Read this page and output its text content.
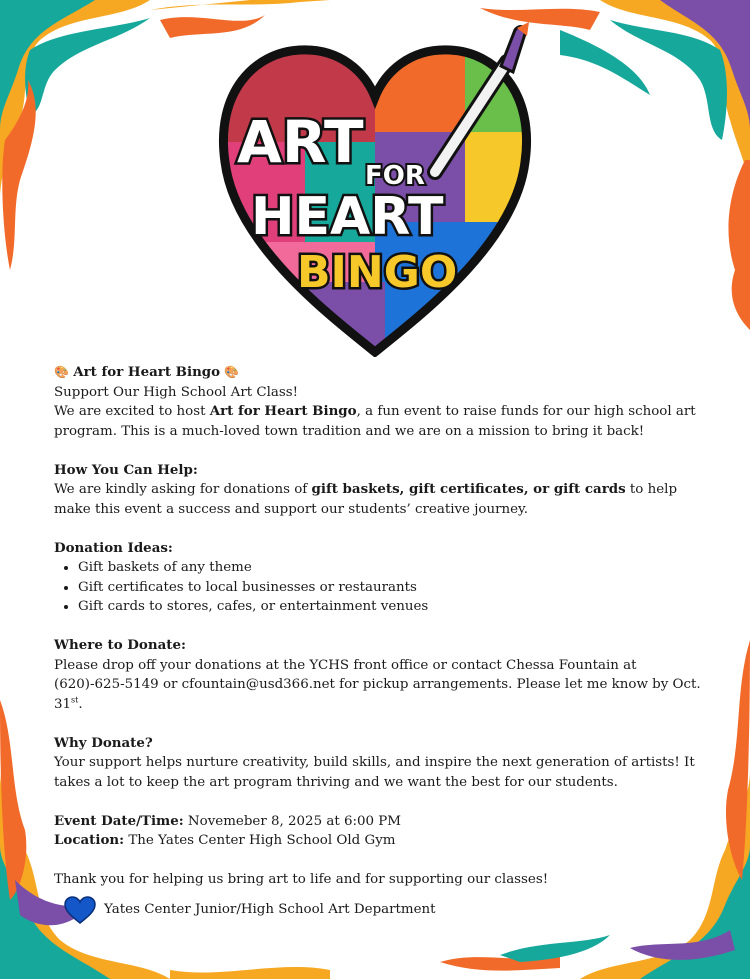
ART FOR
HEART
BINGO

🎨 Art for Heart Bingo 🎨

Support Our High School Art Class!

We are excited to host Art for Heart Bingo, a fun event to raise funds for our high school art program. This is a much-loved town tradition and we are on a mission to bring it back!

How You Can Help:

We are kindly asking for donations of gift baskets, gift certificates, or gift cards to help make this event a success and support our students’ creative journey.

Donation Ideas:

• Gift baskets of any theme
• Gift certificates to local businesses or restaurants
• Gift cards to stores, cafes, or entertainment venues

Where to Donate:

Please drop off your donations at the YCHS front office or contact Chessa Fountain at (620)-625-5149 or cfountain@usd366.net for pickup arrangements. Please let me know by Oct. 31st.

Why Donate?

Your support helps nurture creativity, build skills, and inspire the next generation of artists! It takes a lot to keep the art program thriving and we want the best for our students.

Event Date/Time: Novemeber 8, 2025 at 6:00 PM

Location: The Yates Center High School Old Gym

Thank you for helping us bring art to life and for supporting our classes!

Yates Center Junior/High School Art Department
